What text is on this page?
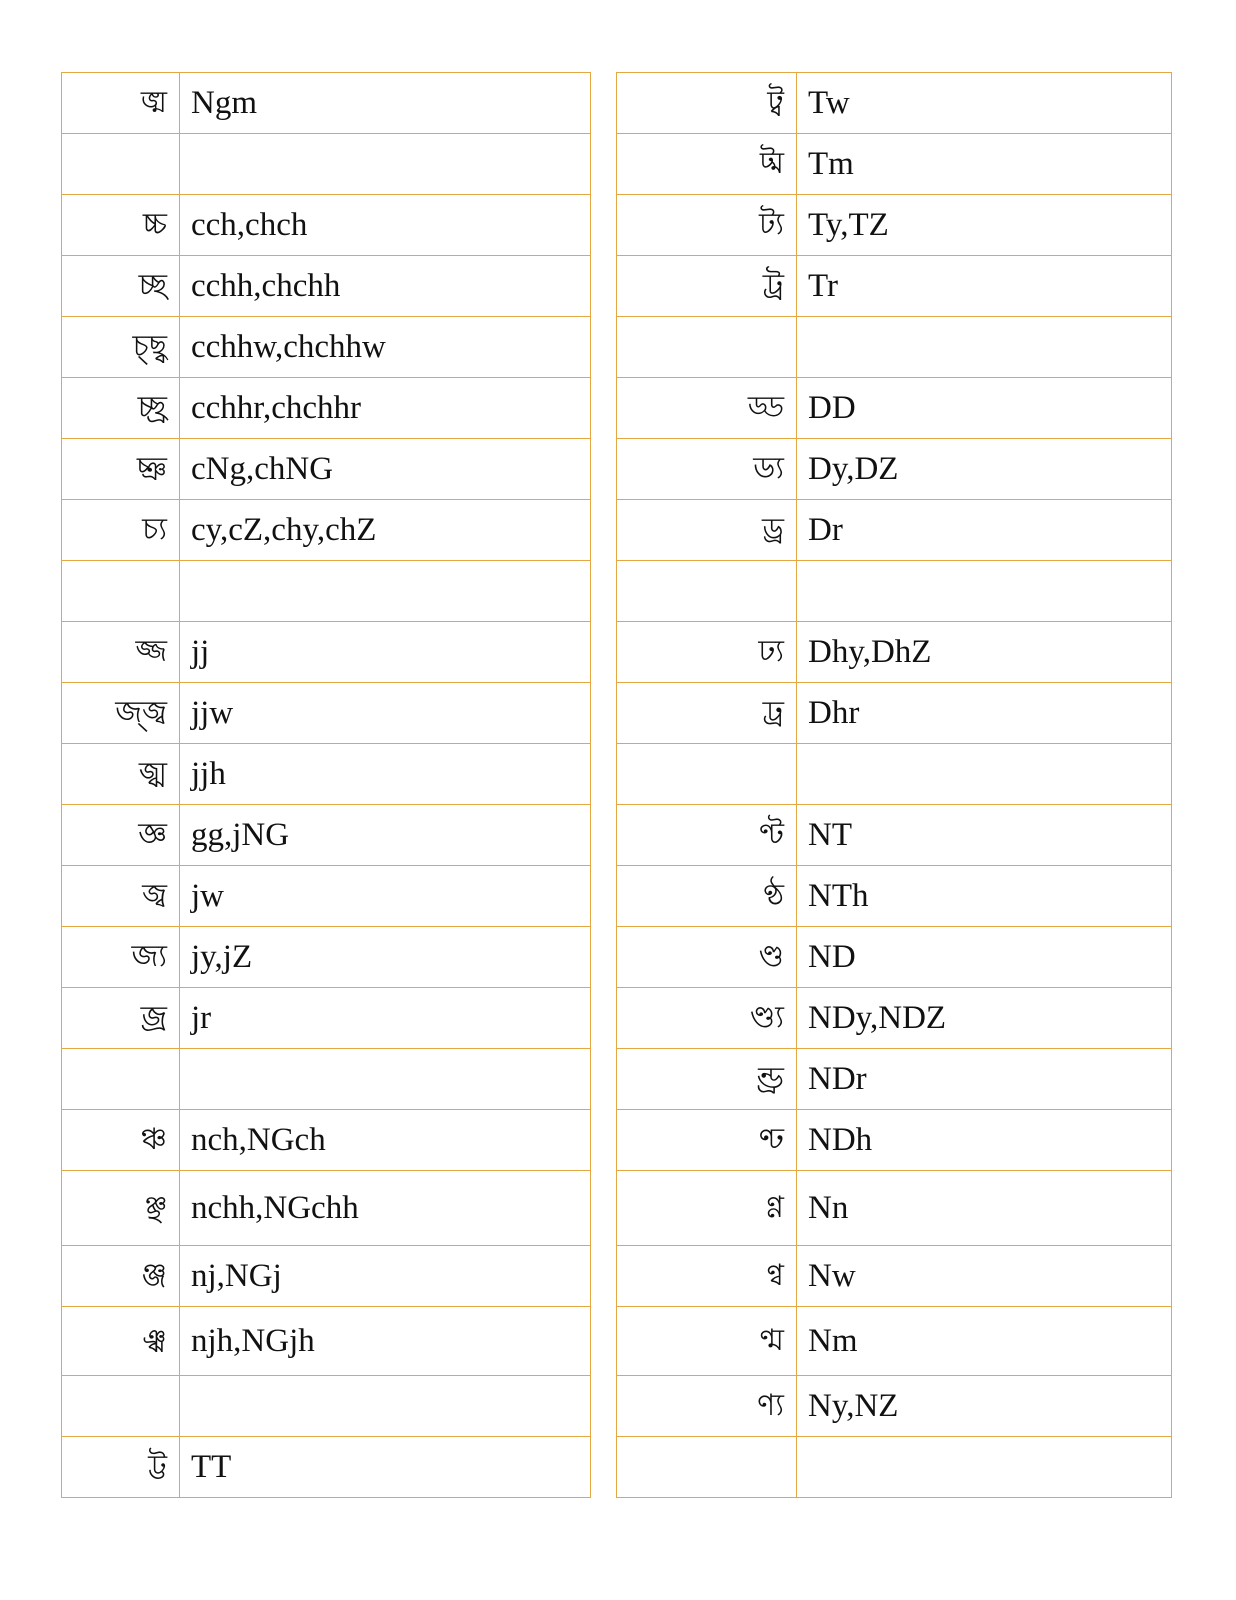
ঙ্ম	Ngm

চ্চ	cch,chch
চ্ছ	cchh,chchh
চ্ছ্ব	cchhw,chchhw
চ্ছ্র	cchhr,chchhr
চ্ঞ	cNg,chNG
চ্য	cy,cZ,chy,chZ

জ্জ	jj
জ্জ্ব	jjw
জ্ঝ	jjh
জ্ঞ	gg,jNG
জ্ব	jw
জ্য	jy,jZ
জ্র	jr

ঞ্চ	nch,NGch
ঞ্ছ	nchh,NGchh
ঞ্জ	nj,NGj
ঞ্ঝ	njh,NGjh

ট্ট	TT
ট্ব	Tw
ট্ম	Tm
ট্য	Ty,TZ
ট্র	Tr

ড্ড	DD
ড্য	Dy,DZ
ড্র	Dr

ঢ্য	Dhy,DhZ
ঢ্র	Dhr

ণ্ট	NT
ণ্ঠ	NTh
ণ্ড	ND
ণ্ড্য	NDy,NDZ
ণ্ড্র	NDr
ণ্ঢ	NDh
ণ্ণ	Nn
ণ্ব	Nw
ণ্ম	Nm
ণ্য	Ny,NZ
